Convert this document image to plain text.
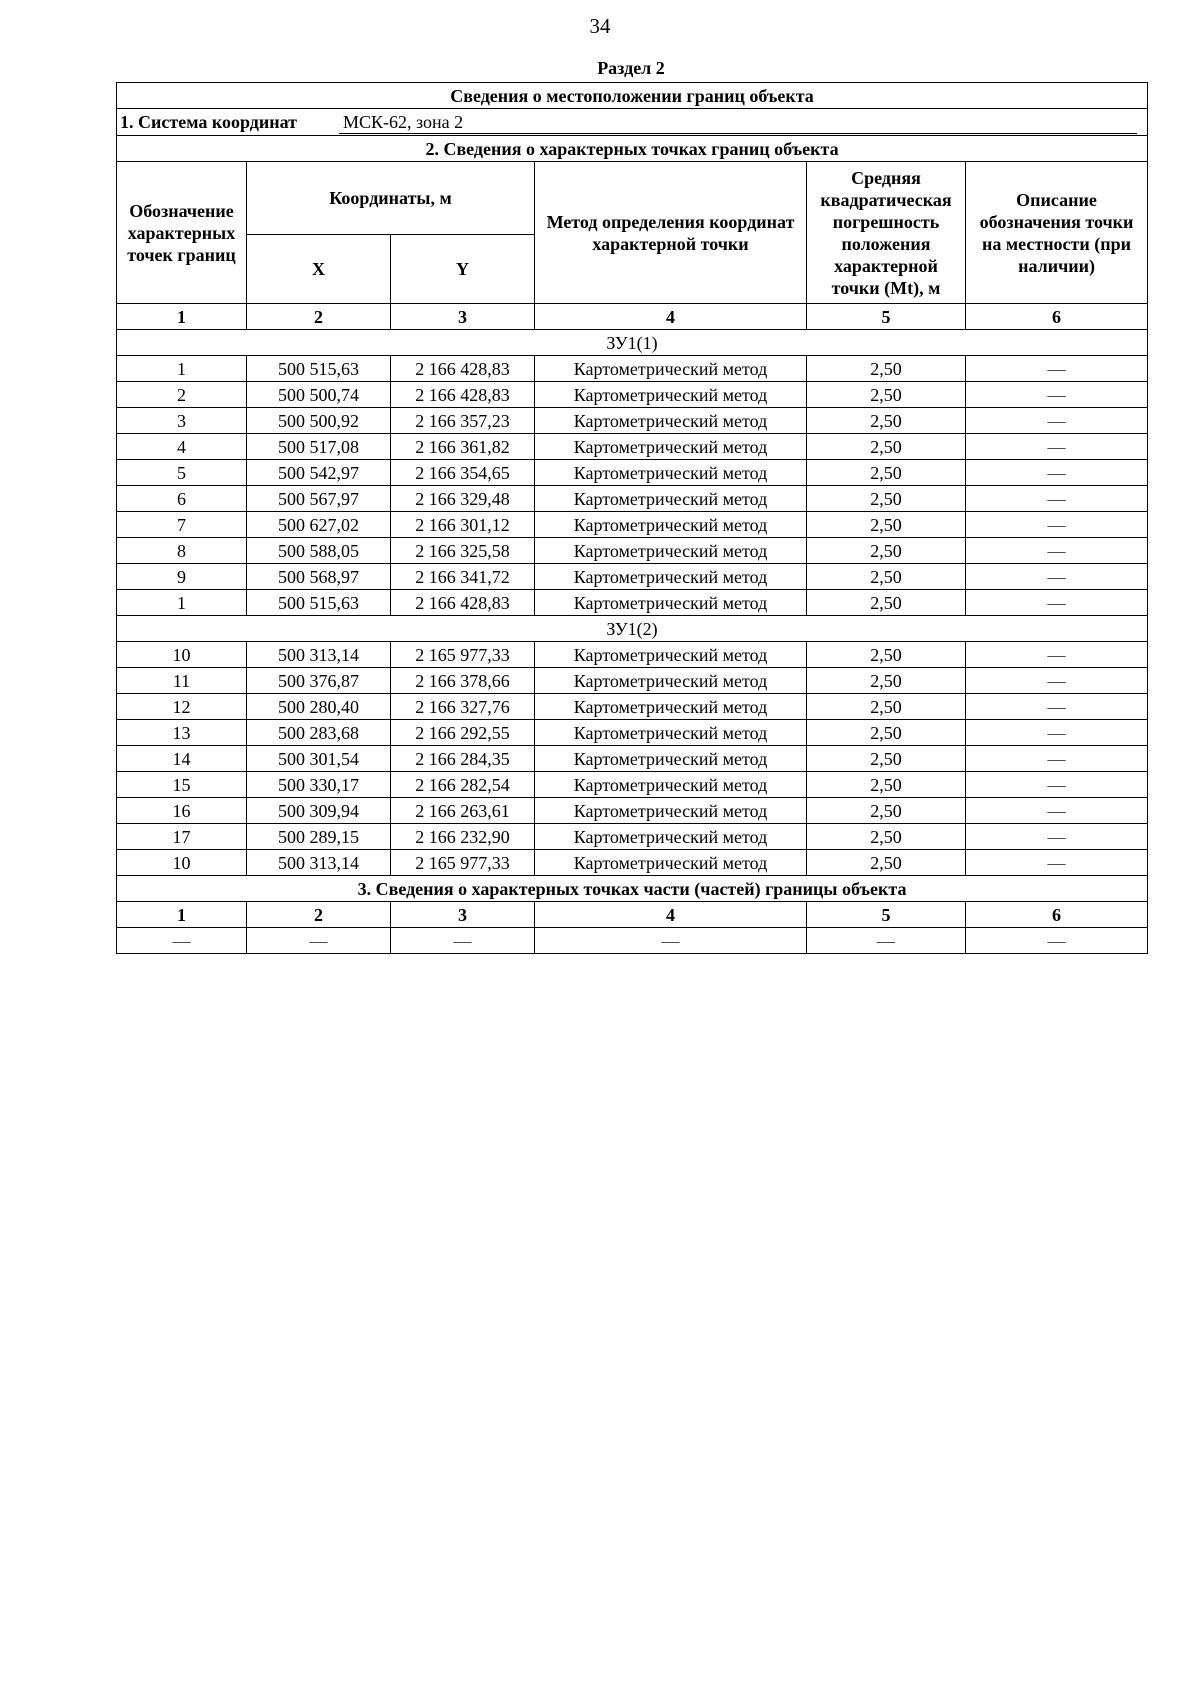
34
Раздел 2
Сведения о местоположении границ объекта					

1. Система координат МСК-62, зона 2					

2. Сведения о характерных точках границ объекта					
Обозначение характерных точек границ	Координаты, м		Метод определения координат характерной точки	Средняя квадратическая погрешность положения характерной точки (Mt), м	Описание обозначения точки на местности (при наличии)
	X	Y			
1	2	3	4	5	6
ЗУ1(1)					
1	500 515,63	2 166 428,83	Картометрический метод	2,50	—
2	500 500,74	2 166 428,83	Картометрический метод	2,50	—
3	500 500,92	2 166 357,23	Картометрический метод	2,50	—
4	500 517,08	2 166 361,82	Картометрический метод	2,50	—
5	500 542,97	2 166 354,65	Картометрический метод	2,50	—
6	500 567,97	2 166 329,48	Картометрический метод	2,50	—
7	500 627,02	2 166 301,12	Картометрический метод	2,50	—
8	500 588,05	2 166 325,58	Картометрический метод	2,50	—
9	500 568,97	2 166 341,72	Картометрический метод	2,50	—
1	500 515,63	2 166 428,83	Картометрический метод	2,50	—
ЗУ1(2)					
10	500 313,14	2 165 977,33	Картометрический метод	2,50	—
11	500 376,87	2 166 378,66	Картометрический метод	2,50	—
12	500 280,40	2 166 327,76	Картометрический метод	2,50	—
13	500 283,68	2 166 292,55	Картометрический метод	2,50	—
14	500 301,54	2 166 284,35	Картометрический метод	2,50	—
15	500 330,17	2 166 282,54	Картометрический метод	2,50	—
16	500 309,94	2 166 263,61	Картометрический метод	2,50	—
17	500 289,15	2 166 232,90	Картометрический метод	2,50	—
10	500 313,14	2 165 977,33	Картометрический метод	2,50	—
3. Сведения о характерных точках части (частей) границы объекта					
1	2	3	4	5	6
—	—	—	—	—	—
